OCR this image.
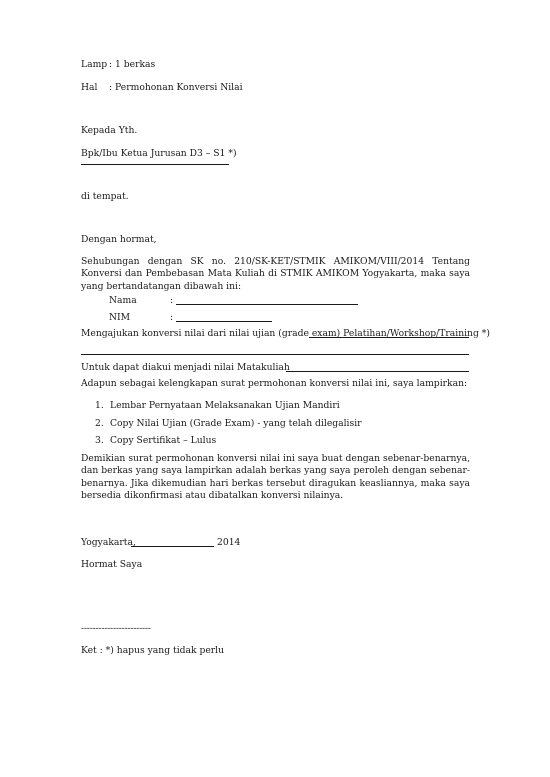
Lamp : 1 berkas
Hal : Permohonan Konversi Nilai
Kepada Yth.
Bpk/Ibu Ketua Jurusan D3 – S1 *)
di tempat.
Dengan hormat,
Sehubungan dengan SK no. 210/SK-KET/STMIK AMIKOM/VIII/2014 Tentang Konversi dan Pembebasan Mata Kuliah di STMIK AMIKOM Yogyakarta, maka saya yang bertandatangan dibawah ini:
Nama	:
NIM	:
Mengajukan konversi nilai dari nilai ujian (grade exam) Pelatihan/Workshop/Training *)
Untuk dapat diakui menjadi nilai Matakuliah
Adapun sebagai kelengkapan surat permohonan konversi nilai ini, saya lampirkan:
1. Lembar Pernyataan Melaksanakan Ujian Mandiri
2. Copy Nilai Ujian (Grade Exam) - yang telah dilegalisir
3. Copy Sertifikat – Lulus
Demikian surat permohonan konversi nilai ini saya buat dengan sebenar-benarnya, dan berkas yang saya lampirkan adalah berkas yang saya peroleh dengan sebenar-benarnya. Jika dikemudian hari berkas tersebut diragukan keasliannya, maka saya bersedia dikonfirmasi atau dibatalkan konversi nilainya.
Yogyakarta,	2014
Hormat Saya
------------------------
Ket : *) hapus yang tidak perlu
